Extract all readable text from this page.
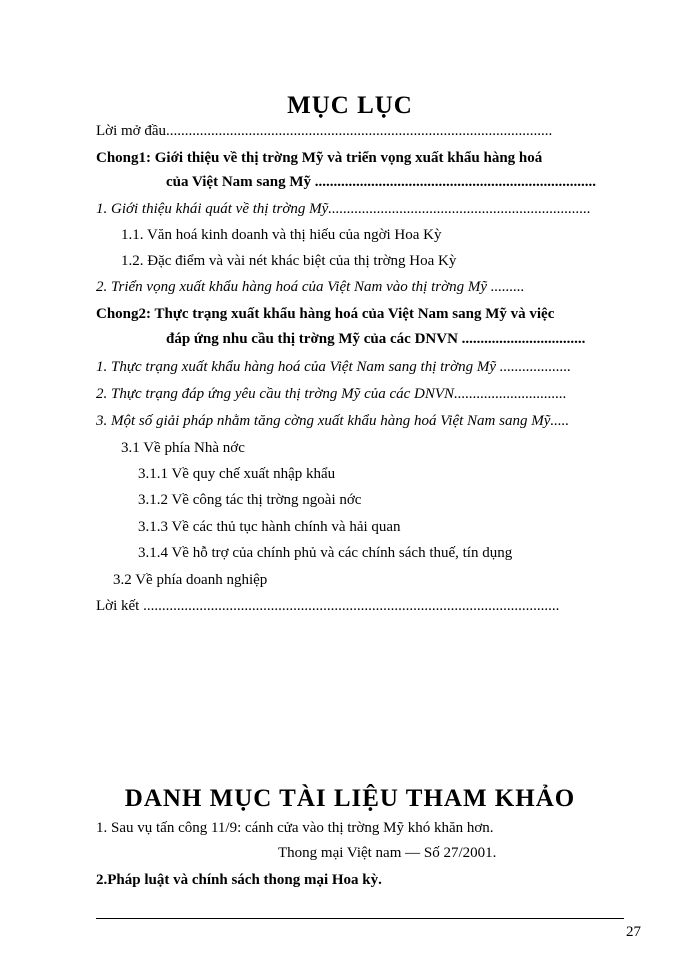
MỤC LỤC
Lời mở đầu.......................................................................................................
Chong1: Giới thiệu về thị trờng Mỹ và triển vọng xuất khẩu hàng hoá
của Việt Nam sang Mỹ ...........................................................................
1. Giới thiệu khái quát về thị trờng Mỹ......................................................................
1.1. Văn hoá kinh doanh và thị hiếu của ngời Hoa Kỳ
1.2. Đặc điểm và vài nét khác biệt của thị trờng Hoa Kỳ
2. Triển vọng xuất khẩu hàng hoá của Việt Nam vào thị trờng Mỹ .........
Chong2: Thực trạng xuất khẩu hàng hoá của Việt Nam sang Mỹ và việc
đáp ứng nhu cầu thị trờng Mỹ của các DNVN .................................
1. Thực trạng xuất khẩu hàng hoá của Việt Nam sang thị trờng Mỹ ...................
2. Thực trạng đáp ứng yêu cầu thị trờng Mỹ của các DNVN..............................
3. Một số giải pháp nhằm tăng cờng xuất khẩu hàng hoá Việt Nam sang Mỹ.....
3.1 Về phía Nhà nớc
3.1.1 Về quy chế xuất nhập khẩu
3.1.2 Về công tác thị trờng ngoài nớc
3.1.3 Về các thủ tục hành chính và hải quan
3.1.4 Về hỗ trợ của chính phủ và các chính sách thuế, tín dụng
3.2 Về phía doanh nghiệp
Lời kết ...............................................................................................................
DANH MỤC TÀI LIỆU THAM KHẢO
1. Sau vụ tấn công 11/9: cánh cửa vào thị trờng Mỹ khó khăn hơn.
Thong mại Việt nam — Số 27/2001.
2.Pháp luật và chính sách thong mại Hoa kỳ.
27
